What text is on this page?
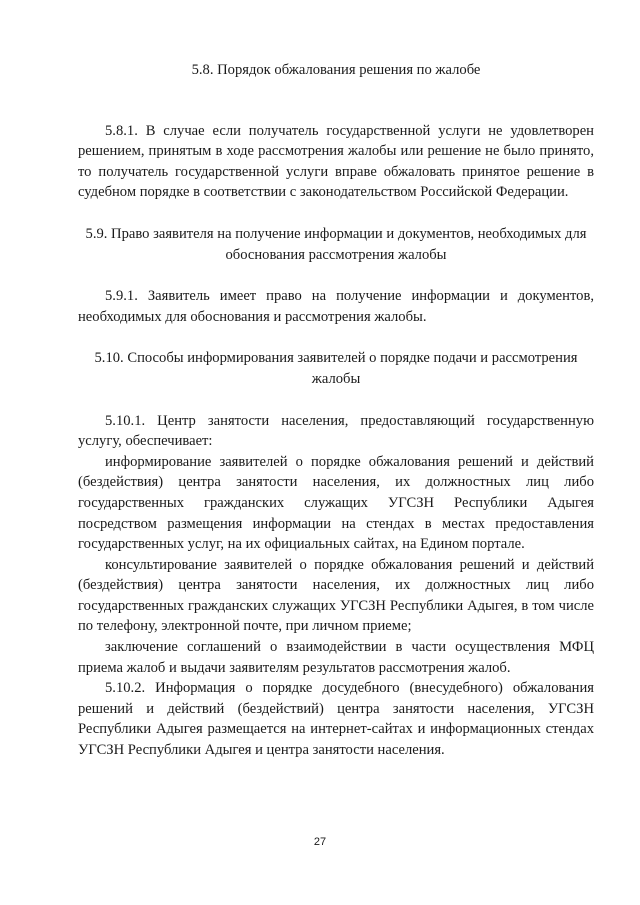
5.8. Порядок обжалования решения по жалобе

5.8.1. В случае если получатель государственной услуги не удовлетворен решением, принятым в ходе рассмотрения жалобы или решение не было принято, то получатель государственной услуги вправе обжаловать принятое решение в судебном порядке в соответствии с законодательством Российской Федерации.

5.9. Право заявителя на получение информации и документов, необходимых для обоснования рассмотрения жалобы

5.9.1. Заявитель имеет право на получение информации и документов, необходимых для обоснования и рассмотрения жалобы.

5.10. Способы информирования заявителей о порядке подачи и рассмотрения жалобы

5.10.1. Центр занятости населения, предоставляющий государственную услугу, обеспечивает:

информирование заявителей о порядке обжалования решений и действий (бездействия) центра занятости населения, их должностных лиц либо государственных гражданских служащих УГСЗН Республики Адыгея посредством размещения информации на стендах в местах предоставления государственных услуг, на их официальных сайтах, на Едином портале.

консультирование заявителей о порядке обжалования решений и действий (бездействия) центра занятости населения, их должностных лиц либо государственных гражданских служащих УГСЗН Республики Адыгея, в том числе по телефону, электронной почте, при личном приеме;

заключение соглашений о взаимодействии в части осуществления МФЦ приема жалоб и выдачи заявителям результатов рассмотрения жалоб.

5.10.2. Информация о порядке досудебного (внесудебного) обжалования решений и действий (бездействий) центра занятости населения, УГСЗН Республики Адыгея размещается на интернет-сайтах и информационных стендах УГСЗН Республики Адыгея и центра занятости населения.

27
